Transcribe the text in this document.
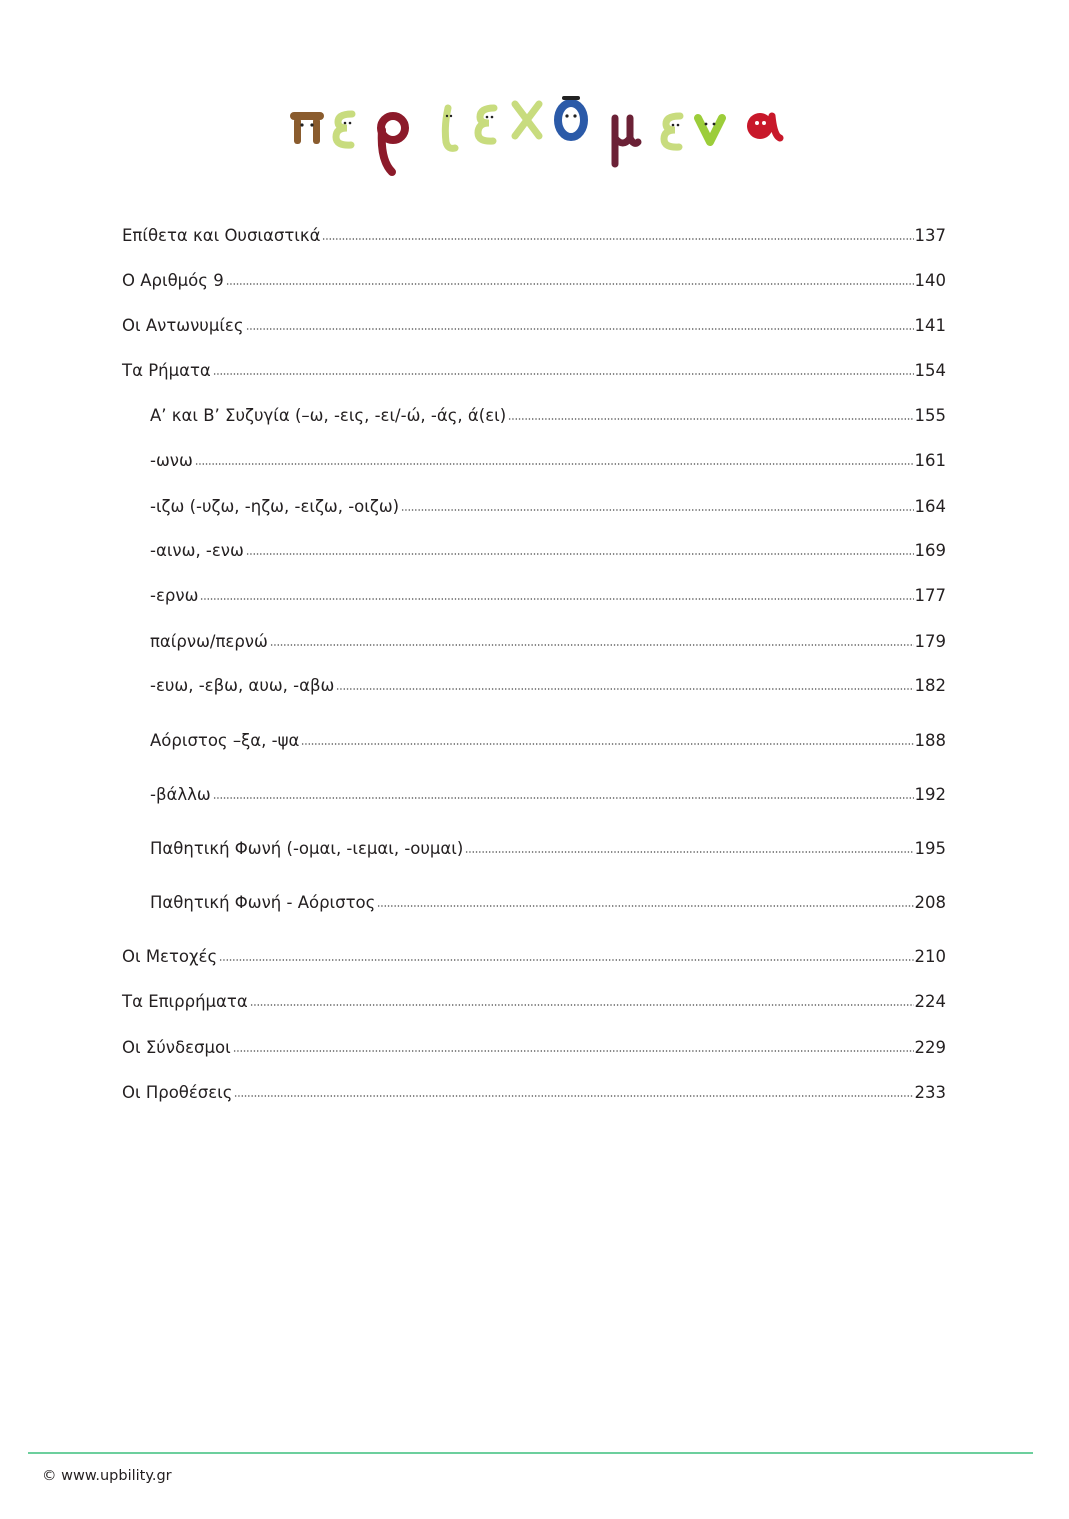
Επίθετα και Ουσιαστικά	137
Ο Αριθμός 9	140
Οι Αντωνυμίες	141
Τα Ρήματα	154
Α’ και Β’ Συζυγία (–ω, -εις, -ει/-ώ, -άς, ά(ει)	155
-ωνω	161
-ιζω (-υζω, -ηζω, -ειζω, -οιζω)	164
-αινω, -ενω	169
-ερνω	177
παίρνω/περνώ	179
-ευω, -εβω, αυω, -αβω	182
Αόριστος –ξα, -ψα	188
-βάλλω	192
Παθητική Φωνή (-ομαι, -ιεμαι, -ουμαι)	195
Παθητική Φωνή - Αόριστος	208
Οι Μετοχές	210
Τα Επιρρήματα	224
Οι Σύνδεσμοι	229
Οι Προθέσεις	233
© www.upbility.gr
